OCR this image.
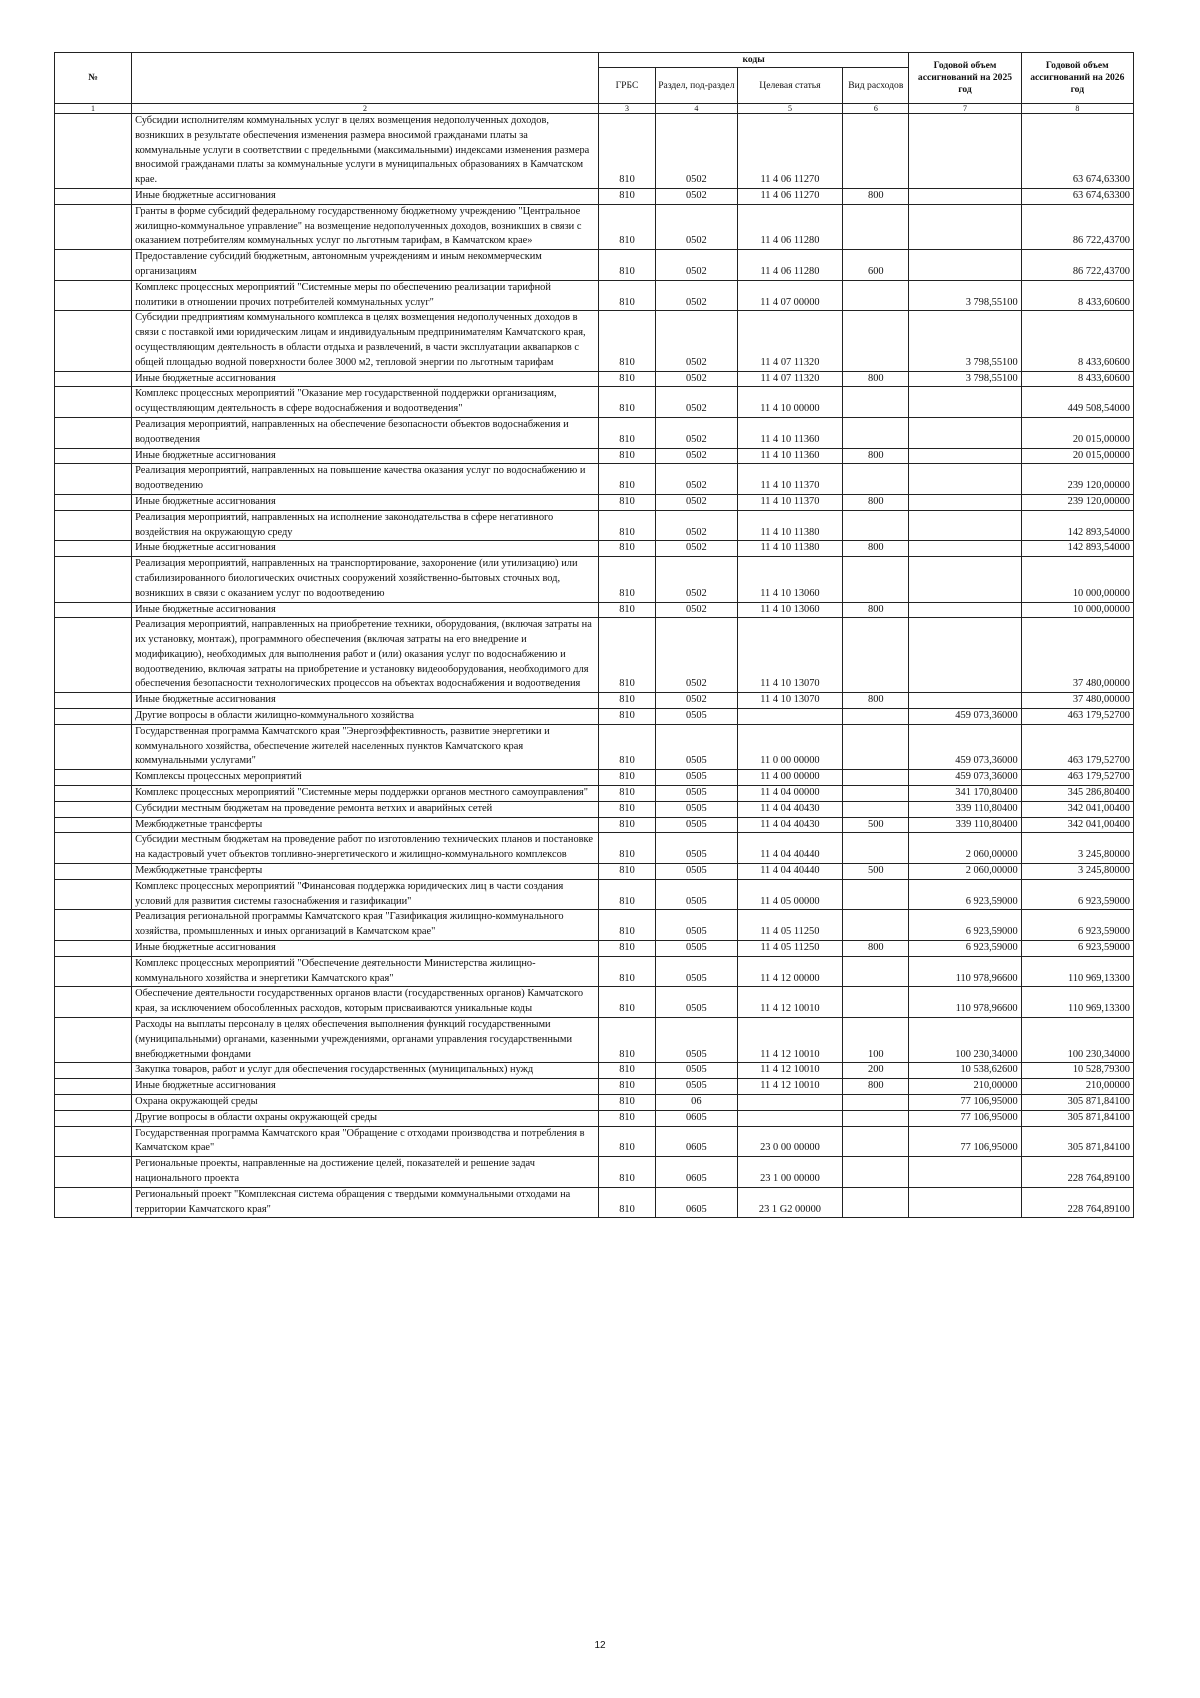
№		коды				Годовой объем ассигнований на 2025 год	Годовой объем ассигнований на 2026 год
		ГРБС	Раздел, под-раздел	Целевая статья	Вид расходов		
1	2	3	4	5	6	7	8
	Субсидии исполнителям коммунальных услуг в целях возмещения недополученных доходов, возникших в результате обеспечения изменения размера вносимой гражданами платы за коммунальные услуги в соответствии с предельными (максимальными) индексами изменения размера вносимой гражданами платы за коммунальные услуги в муниципальных образованиях в Камчатском крае.	810	0502	11 4 06 11270			63 674,63300
	Иные бюджетные ассигнования	810	0502	11 4 06 11270	800		63 674,63300
	Гранты в форме субсидий федеральному государственному бюджетному учреждению "Центральное жилищно-коммунальное управление" на возмещение недополученных доходов, возникших в связи с оказанием потребителям коммунальных услуг по льготным тарифам, в Камчатском крае»	810	0502	11 4 06 11280			86 722,43700
	Предоставление субсидий бюджетным, автономным учреждениям и иным некоммерческим организациям	810	0502	11 4 06 11280	600		86 722,43700
	Комплекс процессных мероприятий "Системные меры по обеспечению реализации тарифной политики в отношении прочих потребителей коммунальных услуг"	810	0502	11 4 07 00000		3 798,55100	8 433,60600
	Субсидии предприятиям коммунального комплекса в целях возмещения недополученных доходов в связи с поставкой ими юридическим лицам и индивидуальным предпринимателям Камчатского края, осуществляющим деятельность в области отдыха и развлечений, в части эксплуатации аквапарков с общей площадью водной поверхности более 3000 м2, тепловой энергии по льготным тарифам	810	0502	11 4 07 11320		3 798,55100	8 433,60600
	Иные бюджетные ассигнования	810	0502	11 4 07 11320	800	3 798,55100	8 433,60600
	Комплекс процессных мероприятий "Оказание мер государственной поддержки организациям, осуществляющим деятельность в сфере водоснабжения и водоотведения"	810	0502	11 4 10 00000			449 508,54000
	Реализация мероприятий, направленных на обеспечение безопасности объектов водоснабжения и водоотведения	810	0502	11 4 10 11360			20 015,00000
	Иные бюджетные ассигнования	810	0502	11 4 10 11360	800		20 015,00000
	Реализация мероприятий, направленных на повышение качества оказания услуг по водоснабжению и водоотведению	810	0502	11 4 10 11370			239 120,00000
	Иные бюджетные ассигнования	810	0502	11 4 10 11370	800		239 120,00000
	Реализация мероприятий, направленных на исполнение законодательства в сфере негативного воздействия на окружающую среду	810	0502	11 4 10 11380			142 893,54000
	Иные бюджетные ассигнования	810	0502	11 4 10 11380	800		142 893,54000
	Реализация мероприятий, направленных на транспортирование, захоронение (или утилизацию) или стабилизированного биологических очистных сооружений хозяйственно-бытовых сточных вод, возникших в связи с оказанием услуг по водоотведению	810	0502	11 4 10 13060			10 000,00000
	Иные бюджетные ассигнования	810	0502	11 4 10 13060	800		10 000,00000
	Реализация мероприятий, направленных на приобретение техники, оборудования, (включая затраты на их установку, монтаж), программного обеспечения (включая затраты на его внедрение и модификацию), необходимых для выполнения работ и (или) оказания услуг по водоснабжению и водоотведению, включая затраты на приобретение и установку видеооборудования, необходимого для обеспечения безопасности технологических процессов на объектах водоснабжения и водоотведения	810	0502	11 4 10 13070			37 480,00000
	Иные бюджетные ассигнования	810	0502	11 4 10 13070	800		37 480,00000
	Другие вопросы в области жилищно-коммунального хозяйства	810	0505			459 073,36000	463 179,52700
	Государственная программа Камчатского края "Энергоэффективность, развитие энергетики и коммунального хозяйства, обеспечение жителей населенных пунктов Камчатского края коммунальными услугами"	810	0505	11 0 00 00000		459 073,36000	463 179,52700
	Комплексы процессных мероприятий	810	0505	11 4 00 00000		459 073,36000	463 179,52700
	Комплекс процессных мероприятий "Системные меры поддержки органов местного самоуправления"	810	0505	11 4 04 00000		341 170,80400	345 286,80400
	Субсидии местным бюджетам на проведение ремонта ветхих и аварийных сетей	810	0505	11 4 04 40430		339 110,80400	342 041,00400
	Межбюджетные трансферты	810	0505	11 4 04 40430	500	339 110,80400	342 041,00400
	Субсидии местным бюджетам на проведение работ по изготовлению технических планов и постановке на кадастровый учет объектов топливно-энергетического и жилищно-коммунального комплексов	810	0505	11 4 04 40440		2 060,00000	3 245,80000
	Межбюджетные трансферты	810	0505	11 4 04 40440	500	2 060,00000	3 245,80000
	Комплекс процессных мероприятий "Финансовая поддержка юридических лиц в части создания условий для развития системы газоснабжения и газификации"	810	0505	11 4 05 00000		6 923,59000	6 923,59000
	Реализация региональной программы Камчатского края "Газификация жилищно-коммунального хозяйства, промышленных и иных организаций в Камчатском крае"	810	0505	11 4 05 11250		6 923,59000	6 923,59000
	Иные бюджетные ассигнования	810	0505	11 4 05 11250	800	6 923,59000	6 923,59000
	Комплекс процессных мероприятий "Обеспечение деятельности Министерства жилищно-коммунального хозяйства и энергетики Камчатского края"	810	0505	11 4 12 00000		110 978,96600	110 969,13300
	Обеспечение деятельности государственных органов власти (государственных органов) Камчатского края, за исключением обособленных расходов, которым присваиваются уникальные коды	810	0505	11 4 12 10010		110 978,96600	110 969,13300
	Расходы на выплаты персоналу в целях обеспечения выполнения функций государственными (муниципальными) органами, казенными учреждениями, органами управления государственными внебюджетными фондами	810	0505	11 4 12 10010	100	100 230,34000	100 230,34000
	Закупка товаров, работ и услуг для обеспечения государственных (муниципальных) нужд	810	0505	11 4 12 10010	200	10 538,62600	10 528,79300
	Иные бюджетные ассигнования	810	0505	11 4 12 10010	800	210,00000	210,00000
	Охрана окружающей среды	810	06			77 106,95000	305 871,84100
	Другие вопросы в области охраны окружающей среды	810	0605			77 106,95000	305 871,84100
	Государственная программа Камчатского края "Обращение с отходами производства и потребления в Камчатском крае"	810	0605	23 0 00 00000		77 106,95000	305 871,84100
	Региональные проекты, направленные на достижение целей, показателей и решение задач национального проекта	810	0605	23 1 00 00000			228 764,89100
	Региональный проект "Комплексная система обращения с твердыми коммунальными отходами на территории Камчатского края"	810	0605	23 1 G2 00000			228 764,89100
12
